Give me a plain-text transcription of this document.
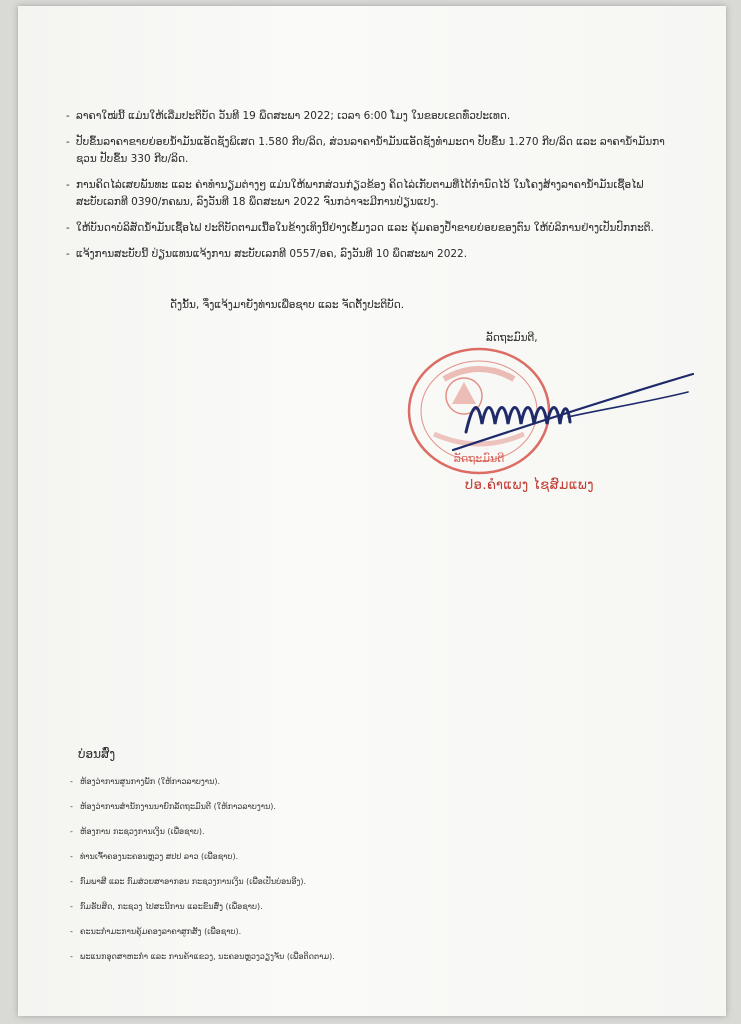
- ລາຄາໃໝ່ນີ້ ແມ່ນໃຫ້ເລີ່ມປະຕິບັດ ວັນທີ 19 ພຶດສະພາ 2022; ເວລາ 6:00 ໂມງ ໃນຂອບເຂດທົ່ວປະເທດ.
- ປັບຂຶ້ນລາຄາຂາຍຍ່ອຍນ້ຳມັນແອັດຊັງພິເສດ 1.580 ກີບ/ລິດ, ສ່ວນລາຄານ້ຳມັນແອັດຊັງທຳມະດາ ປັບຂຶ້ນ 1.270 ກີບ/ລິດ ແລະ ລາຄານ້ຳມັນກາຊວນ ປັບຂຶ້ນ 330 ກີບ/ລິດ.
- ການຄິດໄລ່ເສຍພັນທະ ແລະ ຄ່າທຳນຽມຕ່າງໆ ແມ່ນໃຫ້ພາກສ່ວນກ່ຽວຂ້ອງ ຄິດໄລ່ເກັບຕາມທີ່ໄດ້ກຳນົດໄວ້ ໃນໂຄງສ້າງລາຄານ້ຳມັນເຊື້ອໄຟ ສະບັບເລກທີ 0390/ກຄພນ, ລົງວັນທີ 18 ພຶດສະພາ 2022 ຈົນກວ່າຈະມີການປ່ຽນແປງ.
- ໃຫ້ບັນດາບໍລິສັດນ້ຳມັນເຊື້ອໄຟ ປະຕິບັດຕາມເນື້ອໃນຂ້າງເທິງນີ້ຢ່າງເຂັ້ມງວດ ແລະ ຄຸ້ມຄອງປ້ຳຂາຍຍ່ອຍຂອງຕົນ ໃຫ້ບໍລິການຢ່າງເປັນປົກກະຕິ.
- ແຈ້ງການສະບັບນີ້ ປ່ຽນແທນແຈ້ງການ ສະບັບເລກທີ 0557/ອຄ, ລົງວັນທີ 10 ພຶດສະພາ 2022.
ດັ່ງນັ້ນ, ຈຶ່ງແຈ້ງມາຍັງທ່ານເພື່ອຊາບ ແລະ ຈັດຕັ້ງປະຕິບັດ.
ລັດຖະມົນຕີ,
ລັດຖະມົນຕີ
ປອ.ຄຳແພງ ໄຊສົມແພງ
ບ່ອນສົ່ງ
- ຫ້ອງວ່າການສູນກາງພັກ (ໃຫ້ກາວລາບງານ).
- ຫ້ອງວ່າການສຳນັກງານນາຍົກລັດຖະມົນຕີ (ໃຫ້ກາວລາບງານ).
- ຫ້ອງການ ກະຊວງການເງິນ (ເພື່ອຊາບ).
- ທ່ານເຈົ້າຄອງນະຄອນຫຼວງ ສປປ ລາວ (ເພື່ອຊາບ).
- ກົມພາສີ ແລະ ກົມສ່ວຍສາອາກອນ ກະຊວງການເງິນ (ເພື່ອເປັນບ່ອນອີງ).
- ກົມຮັບສິດ, ກະຊວງ ໄປສະນີການ ແລະຂົນສົ່ງ (ເພື່ອຊາບ).
- ຄະນະກຳມະການຄຸ້ມຄອງລາຄາສູກສັງ (ເພື່ອຊາບ).
- ພະແນກອຸດສາຫະກຳ ແລະ ການຄ້າແຂວງ, ນະຄອນຫຼວງວຽງຈັນ (ເພື່ອຕິດຕາມ).
